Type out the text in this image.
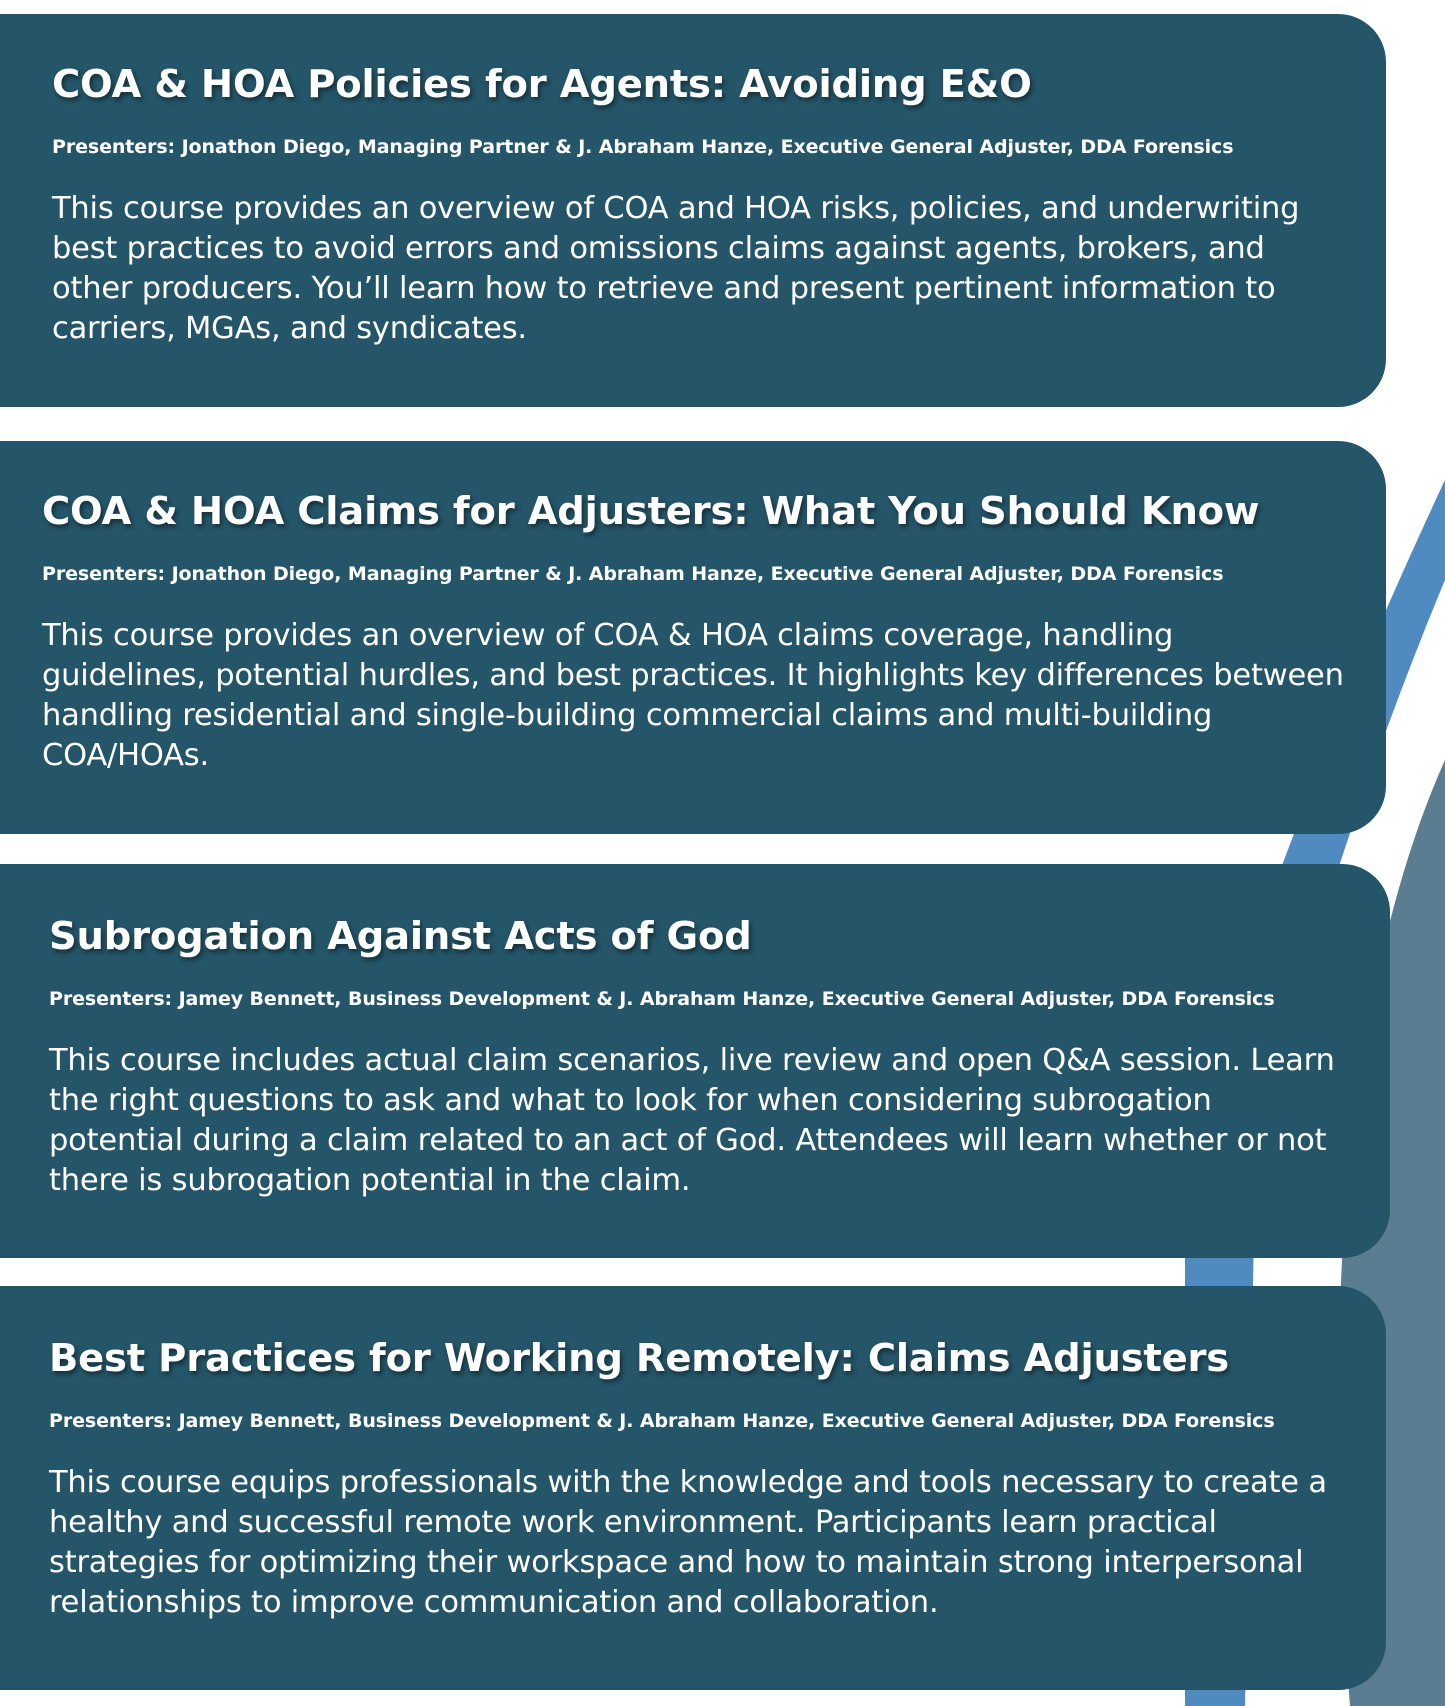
COA & HOA Policies for Agents: Avoiding E&O

Presenters: Jonathon Diego, Managing Partner & J. Abraham Hanze, Executive General Adjuster, DDA Forensics

This course provides an overview of COA and HOA risks, policies, and underwriting best practices to avoid errors and omissions claims against agents, brokers, and other producers. You’ll learn how to retrieve and present pertinent information to carriers, MGAs, and syndicates.

COA & HOA Claims for Adjusters: What You Should Know

Presenters: Jonathon Diego, Managing Partner & J. Abraham Hanze, Executive General Adjuster, DDA Forensics

This course provides an overview of COA & HOA claims coverage, handling guidelines, potential hurdles, and best practices. It highlights key differences between handling residential and single-building commercial claims and multi-building COA/HOAs.

Subrogation Against Acts of God

Presenters: Jamey Bennett, Business Development & J. Abraham Hanze, Executive General Adjuster, DDA Forensics

This course includes actual claim scenarios, live review and open Q&A session. Learn the right questions to ask and what to look for when considering subrogation potential during a claim related to an act of God. Attendees will learn whether or not there is subrogation potential in the claim.

Best Practices for Working Remotely: Claims Adjusters

Presenters: Jamey Bennett, Business Development & J. Abraham Hanze, Executive General Adjuster, DDA Forensics

This course equips professionals with the knowledge and tools necessary to create a healthy and successful remote work environment. Participants learn practical strategies for optimizing their workspace and how to maintain strong interpersonal relationships to improve communication and collaboration.
